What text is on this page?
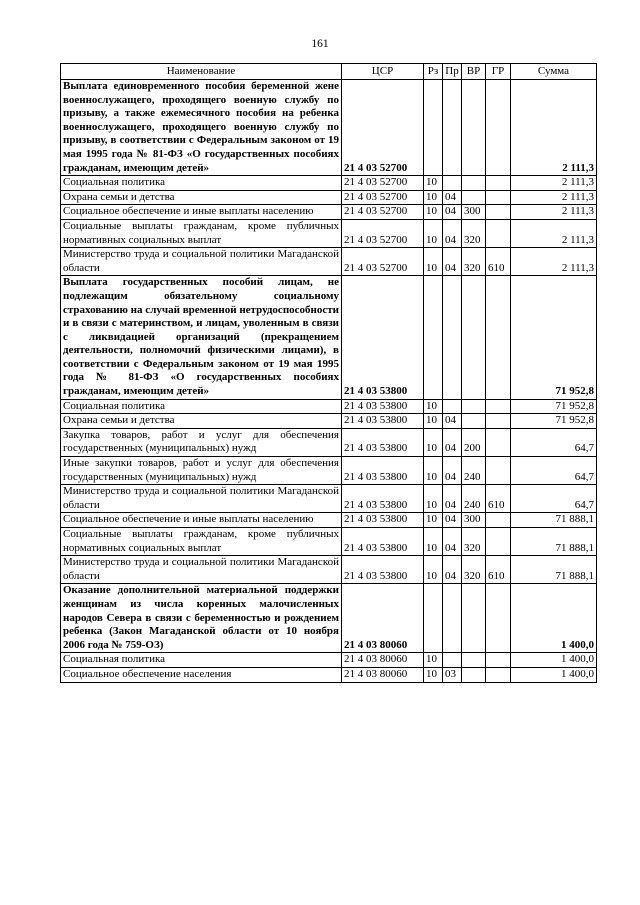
161
Наименование	ЦСР	Рз	Пр	ВР	ГР	Сумма
Выплата единовременного пособия беременной жене военнослужащего, проходящего военную службу по призыву, а также ежемесячного пособия на ребенка военнослужащего, проходящего военную службу по призыву, в соответствии с Федеральным законом от 19 мая 1995 года № 81-ФЗ «О государственных пособиях гражданам, имеющим детей»	21 4 03 52700					2 111,3
Социальная политика	21 4 03 52700	10				2 111,3
Охрана семьи и детства	21 4 03 52700	10	04			2 111,3
Социальное обеспечение и иные выплаты населению	21 4 03 52700	10	04	300		2 111,3
Социальные выплаты гражданам, кроме публичных нормативных социальных выплат	21 4 03 52700	10	04	320		2 111,3
Министерство труда и социальной политики Магаданской области	21 4 03 52700	10	04	320	610	2 111,3
Выплата государственных пособий лицам, не подлежащим обязательному социальному страхованию на случай временной нетрудоспособности и в связи с материнством, и лицам, уволенным в связи с ликвидацией организаций (прекращением деятельности, полномочий физическими лицами), в соответствии с Федеральным законом от 19 мая 1995 года № 81-ФЗ «О государственных пособиях гражданам, имеющим детей»	21 4 03 53800					71 952,8
Социальная политика	21 4 03 53800	10				71 952,8
Охрана семьи и детства	21 4 03 53800	10	04			71 952,8
Закупка товаров, работ и услуг для обеспечения государственных (муниципальных) нужд	21 4 03 53800	10	04	200		64,7
Иные закупки товаров, работ и услуг для обеспечения государственных (муниципальных) нужд	21 4 03 53800	10	04	240		64,7
Министерство труда и социальной политики Магаданской области	21 4 03 53800	10	04	240	610	64,7
Социальное обеспечение и иные выплаты населению	21 4 03 53800	10	04	300		71 888,1
Социальные выплаты гражданам, кроме публичных нормативных социальных выплат	21 4 03 53800	10	04	320		71 888,1
Министерство труда и социальной политики Магаданской области	21 4 03 53800	10	04	320	610	71 888,1
Оказание дополнительной материальной поддержки женщинам из числа коренных малочисленных народов Севера в связи с беременностью и рождением ребенка (Закон Магаданской области от 10 ноября 2006 года № 759-ОЗ)	21 4 03 80060					1 400,0
Социальная политика	21 4 03 80060	10				1 400,0
Социальное обеспечение населения	21 4 03 80060	10	03			1 400,0
